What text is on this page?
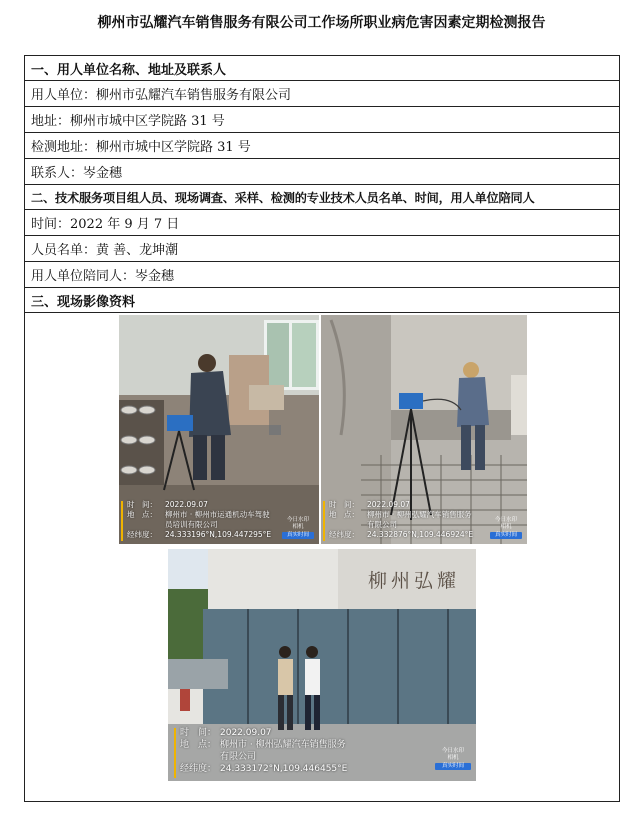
柳州市弘耀汽车销售服务有限公司工作场所职业病危害因素定期检测报告
一、用人单位名称、地址及联系人
用人单位：柳州市弘耀汽车销售服务有限公司
地址：柳州市城中区学院路 31 号
检测地址：柳州市城中区学院路 31 号
联系人：岑金穗
二、技术服务项目组人员、现场调查、采样、检测的专业技术人员名单、时间，用人单位陪同人
时间：2022 年 9 月 7 日
人员名单：黄 善、龙坤潮
用人单位陪同人：岑金穗
三、现场影像资料

时　间： 2022.09.07
地　点： 柳州市 · 柳州市运通机动车驾驶
员培训有限公司
经纬度： 24.333196°N,109.447295°E
今日水印
相机
真实时间
时　间： 2022.09.07
地　点： 柳州市 · 柳州弘耀汽车销售服务
有限公司
经纬度： 24.332876°N,109.446924°E
今日水印
相机
真实时间
柳州弘耀
时　间： 2022.09.07
地　点： 柳州市 · 柳州弘耀汽车销售服务
有限公司
经纬度： 24.333172°N,109.446455°E
今日水印
相机
真实时间
